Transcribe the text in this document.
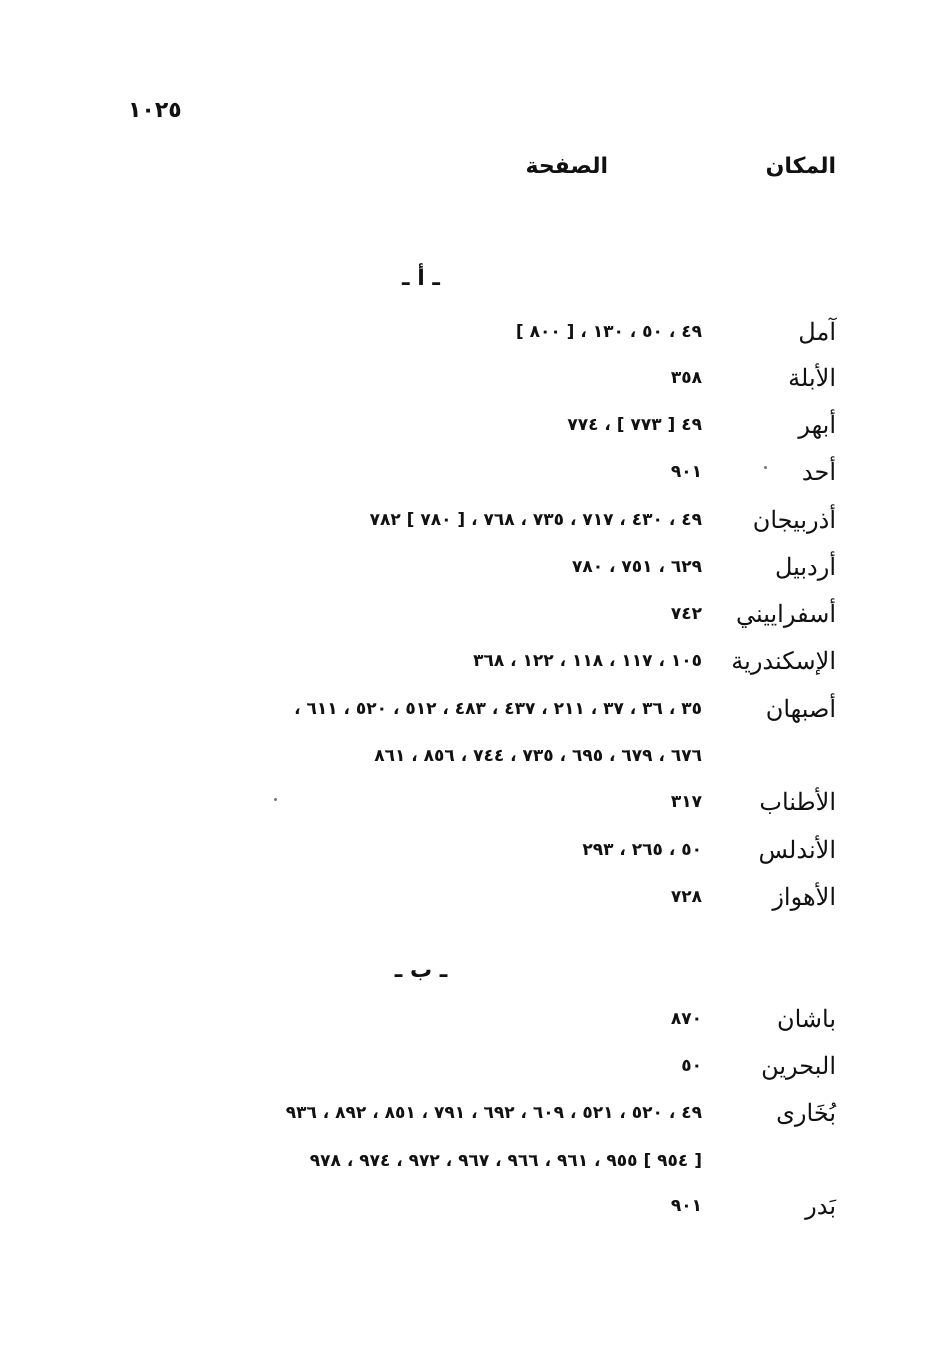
١٠٢٥
المكان
الصفحة
ـ أ ـ
آمل
٤٩ ، ٥٠ ، ١٣٠ ، [ ٨٠٠ ]
الأبلة
٣٥٨
أبهر
٤٩ [ ٧٧٣ ] ، ٧٧٤
أحد
٩٠١
أذربيجان
٤٩ ، ٤٣٠ ، ٧١٧ ، ٧٣٥ ، ٧٦٨ ، [ ٧٨٠ ] ٧٨٢
أردبيل
٦٢٩ ، ٧٥١ ، ٧٨٠
أسفراييني
٧٤٢
الإسكندرية
١٠٥ ، ١١٧ ، ١١٨ ، ١٢٢ ، ٣٦٨
أصبهان
٣٥ ، ٣٦ ، ٣٧ ، ٢١١ ، ٤٣٧ ، ٤٨٣ ، ٥١٢ ، ٥٢٠ ، ٦١١ ،
٦٧٦ ، ٦٧٩ ، ٦٩٥ ، ٧٣٥ ، ٧٤٤ ، ٨٥٦ ، ٨٦١
الأطناب
٣١٧
الأندلس
٥٠ ، ٢٦٥ ، ٢٩٣
الأهواز
٧٢٨
ـ ب ـ
باشان
٨٧٠
البحرين
٥٠
بُخَارى
٤٩ ، ٥٢٠ ، ٥٢١ ، ٦٠٩ ، ٦٩٢ ، ٧٩١ ، ٨٥١ ، ٨٩٢ ، ٩٣٦
[ ٩٥٤ ] ٩٥٥ ، ٩٦١ ، ٩٦٦ ، ٩٦٧ ، ٩٧٢ ، ٩٧٤ ، ٩٧٨
بَدر
٩٠١
